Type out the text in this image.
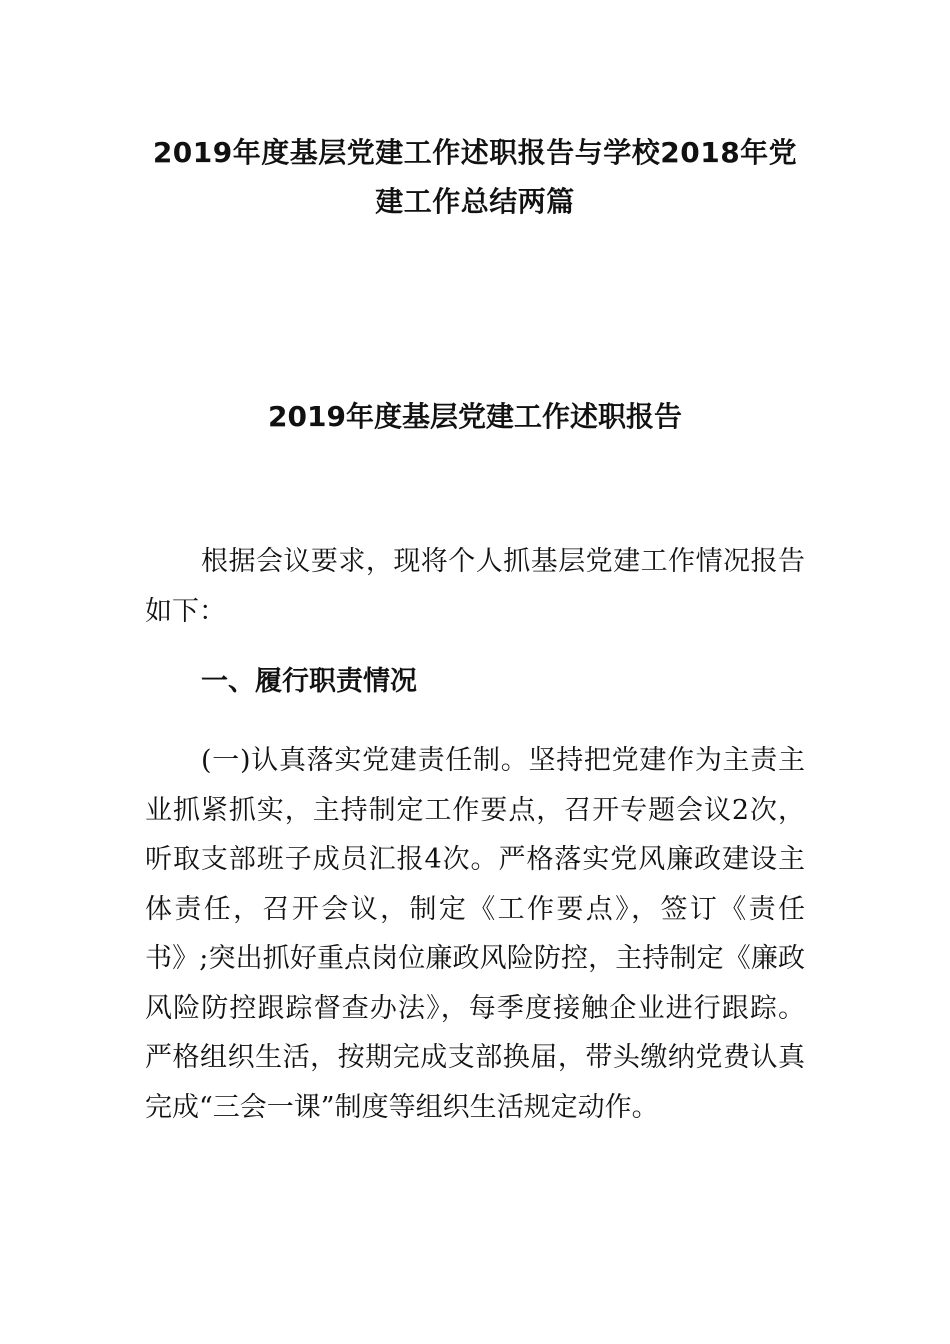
2019年度基层党建工作述职报告与学校2018年党建工作总结两篇
2019年度基层党建工作述职报告

根据会议要求，现将个人抓基层党建工作情况报告如下：

一、履行职责情况

(一)认真落实党建责任制。坚持把党建作为主责主业抓紧抓实，主持制定工作要点，召开专题会议2次，听取支部班子成员汇报4次。严格落实党风廉政建设主体责任，召开会议，制定《工作要点》，签订《责任书》;突出抓好重点岗位廉政风险防控，主持制定《廉政风险防控跟踪督查办法》，每季度接触企业进行跟踪。严格组织生活，按期完成支部换届，带头缴纳党费认真完成“三会一课”制度等组织生活规定动作。
